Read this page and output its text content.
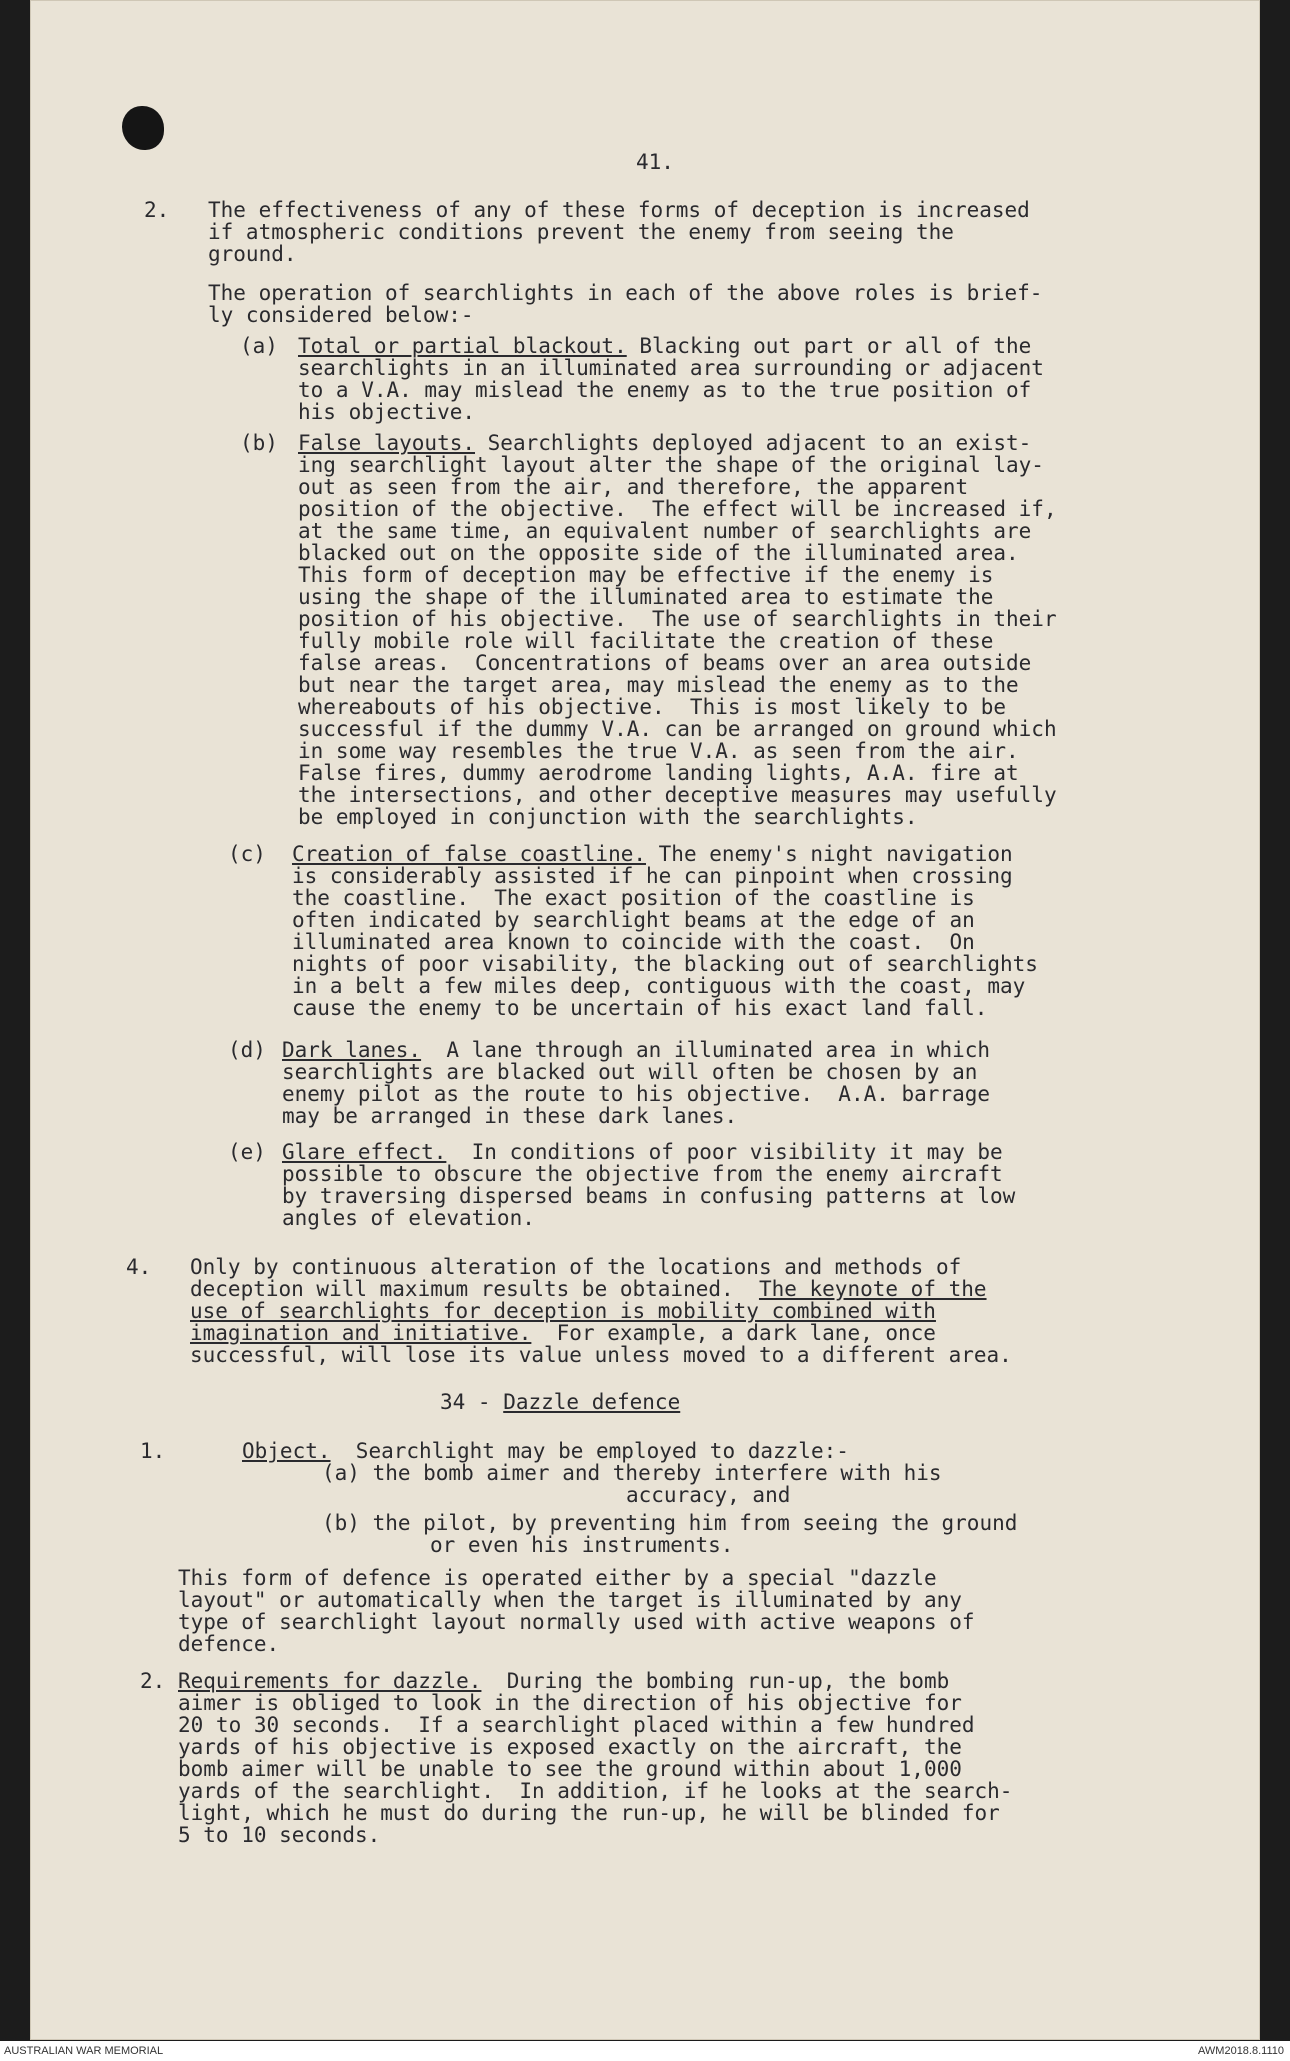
41.
2. The effectiveness of any of these forms of deception is increased
if atmospheric conditions prevent the enemy from seeing the
ground.
The operation of searchlights in each of the above roles is brief-
ly considered below:-
(a) Total or partial blackout. Blacking out part or all of the
searchlights in an illuminated area surrounding or adjacent
to a V.A. may mislead the enemy as to the true position of
his objective.
(b) False layouts. Searchlights deployed adjacent to an exist-
ing searchlight layout alter the shape of the original lay-
out as seen from the air, and therefore, the apparent
position of the objective.  The effect will be increased if,
at the same time, an equivalent number of searchlights are
blacked out on the opposite side of the illuminated area.
This form of deception may be effective if the enemy is
using the shape of the illuminated area to estimate the
position of his objective.  The use of searchlights in their
fully mobile role will facilitate the creation of these
false areas.  Concentrations of beams over an area outside
but near the target area, may mislead the enemy as to the
whereabouts of his objective.  This is most likely to be
successful if the dummy V.A. can be arranged on ground which
in some way resembles the true V.A. as seen from the air.
False fires, dummy aerodrome landing lights, A.A. fire at
the intersections, and other deceptive measures may usefully
be employed in conjunction with the searchlights.
(c) Creation of false coastline. The enemy's night navigation
is considerably assisted if he can pinpoint when crossing
the coastline.  The exact position of the coastline is
often indicated by searchlight beams at the edge of an
illuminated area known to coincide with the coast.  On
nights of poor visability, the blacking out of searchlights
in a belt a few miles deep, contiguous with the coast, may
cause the enemy to be uncertain of his exact land fall.
(d) Dark lanes.  A lane through an illuminated area in which
searchlights are blacked out will often be chosen by an
enemy pilot as the route to his objective.  A.A. barrage
may be arranged in these dark lanes.
(e) Glare effect.  In conditions of poor visibility it may be
possible to obscure the objective from the enemy aircraft
by traversing dispersed beams in confusing patterns at low
angles of elevation.
4. Only by continuous alteration of the locations and methods of
deception will maximum results be obtained.  The keynote of the
use of searchlights for deception is mobility combined with
imagination and initiative.  For example, a dark lane, once
successful, will lose its value unless moved to a different area.
34 - Dazzle defence
1.	Object.  Searchlight may be employed to dazzle:-
(a) the bomb aimer and thereby interfere with his
accuracy, and
(b) the pilot, by preventing him from seeing the ground
or even his instruments.
This form of defence is operated either by a special "dazzle
layout" or automatically when the target is illuminated by any
type of searchlight layout normally used with active weapons of
defence.
2. Requirements for dazzle.  During the bombing run-up, the bomb
aimer is obliged to look in the direction of his objective for
20 to 30 seconds.  If a searchlight placed within a few hundred
yards of his objective is exposed exactly on the aircraft, the
bomb aimer will be unable to see the ground within about 1,000
yards of the searchlight.  In addition, if he looks at the search-
light, which he must do during the run-up, he will be blinded for
5 to 10 seconds.
AUSTRALIAN WAR MEMORIAL	AWM2018.8.1110
